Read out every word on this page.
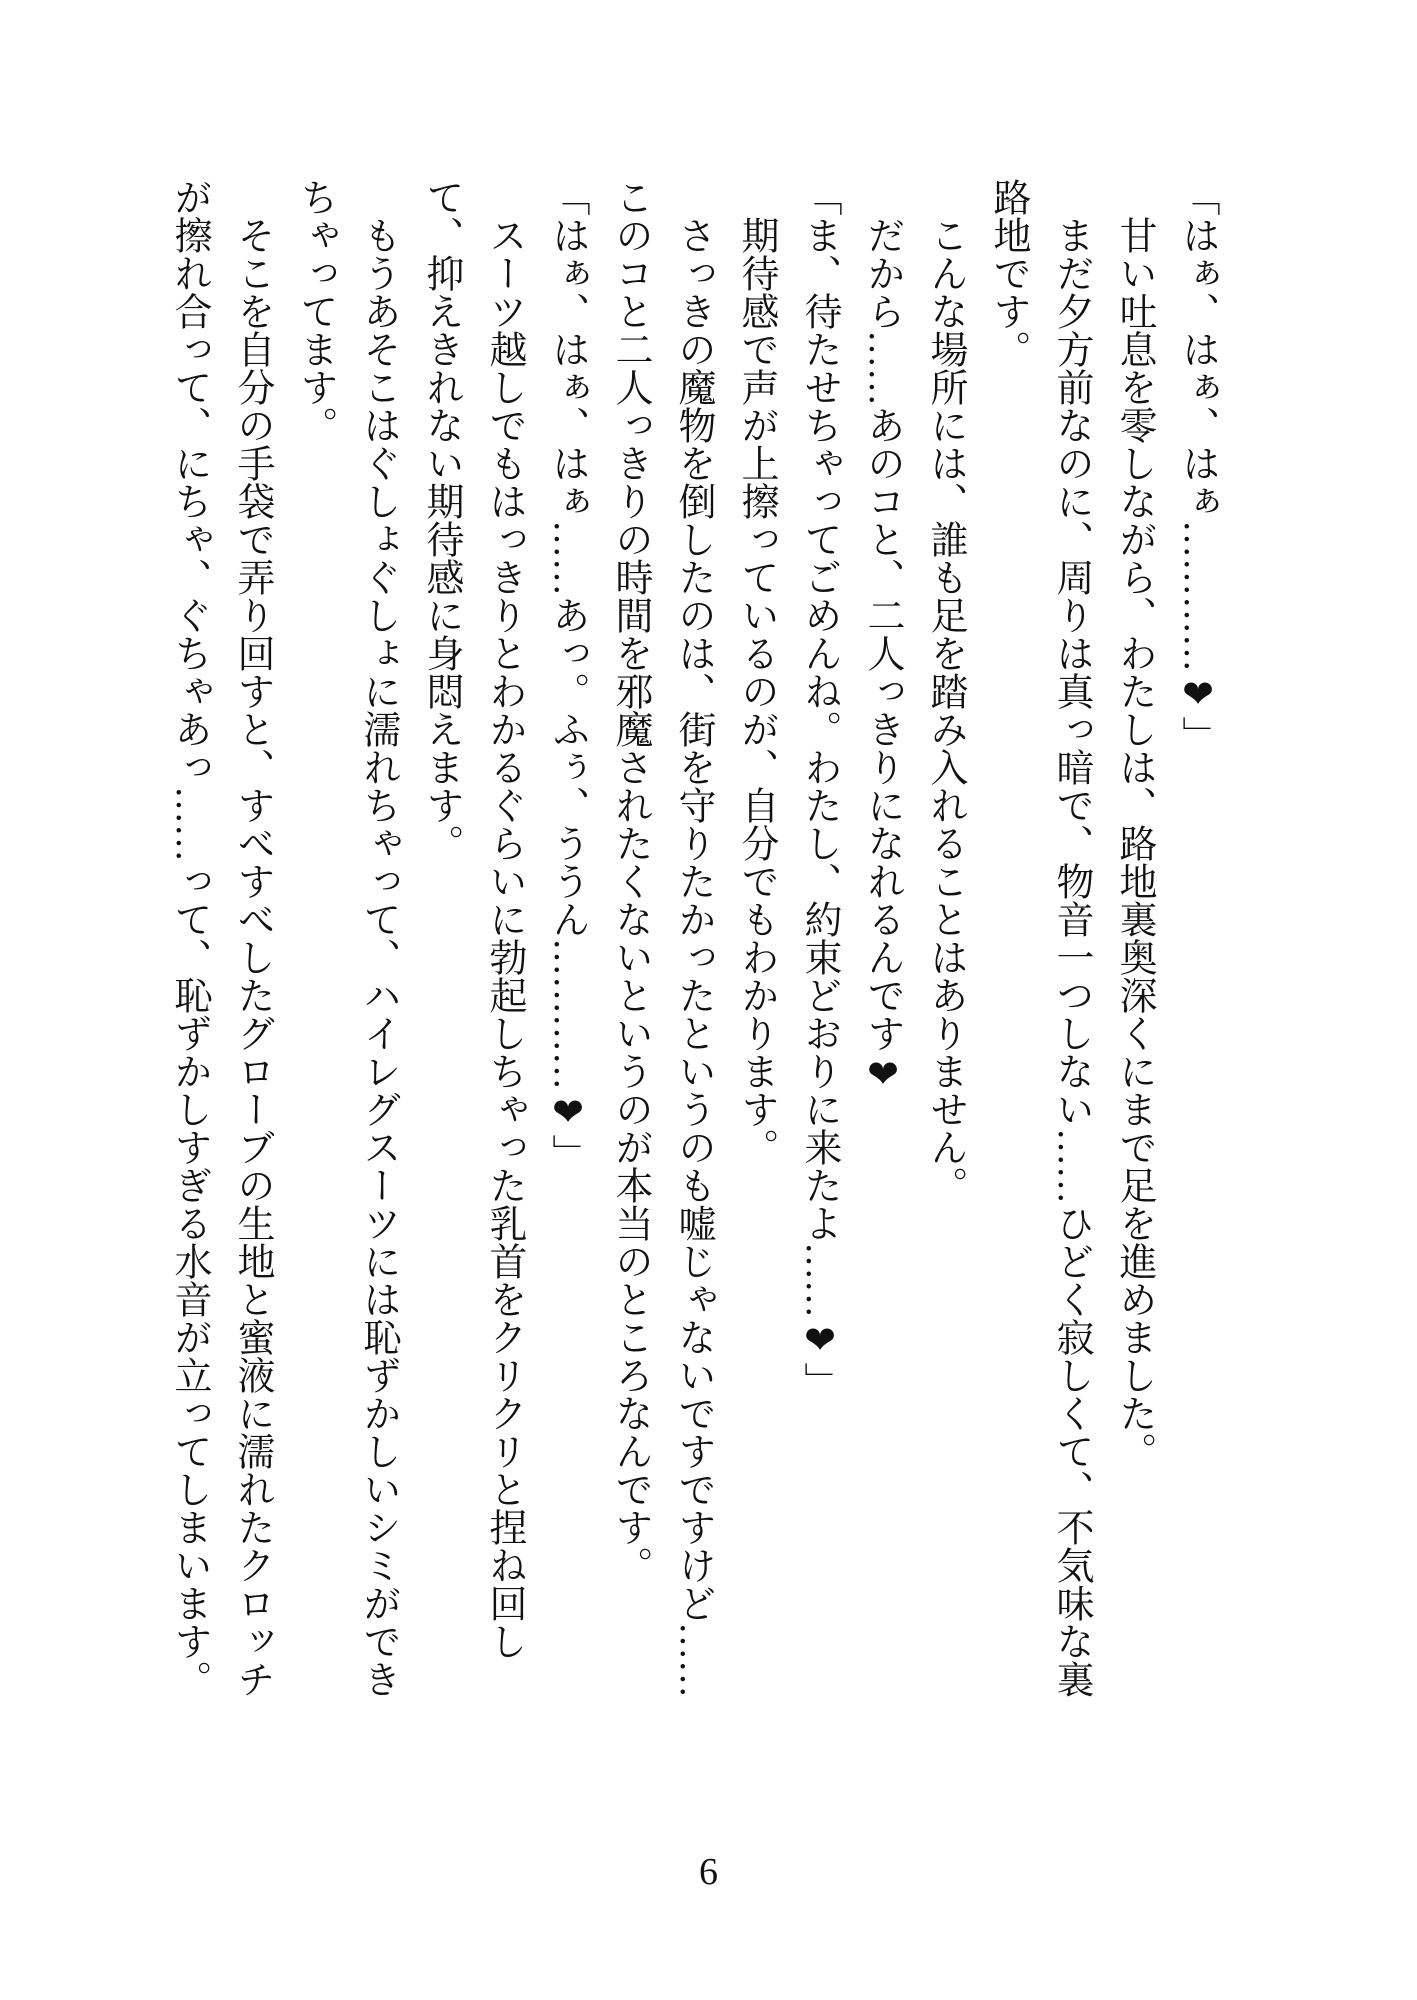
「はぁ、はぁ、はぁ…………❤」

甘い吐息を零しながら、わたしは、路地裏奥深くにまで足を進めました。

まだ夕方前なのに、周りは真っ暗で、物音一つしない……ひどく寂しくて、不気味な裏路地です。

こんな場所には、誰も足を踏み入れることはありません。

だから……あのコと、二人っきりになれるんです❤

「ま、待たせちゃってごめんね。わたし、約束どおりに来たよ……❤」

期待感で声が上擦っているのが、自分でもわかります。

さっきの魔物を倒したのは、街を守りたかったというのも嘘じゃないですですけど……このコと二人っきりの時間を邪魔されたくないというのが本当のところなんです。

「はぁ、はぁ、はぁ……あっ。ふぅ、ううん…………❤」

スーツ越しでもはっきりとわかるぐらいに勃起しちゃった乳首をクリクリと捏ね回して、抑えきれない期待感に身悶えます。

もうあそこはぐしょぐしょに濡れちゃって、ハイレグスーツには恥ずかしいシミができちゃってます。

そこを自分の手袋で弄り回すと、すべすべしたグローブの生地と蜜液に濡れたクロッチが擦れ合って、にちゃ、ぐちゃあっ……って、恥ずかしすぎる水音が立ってしまいます。

6
